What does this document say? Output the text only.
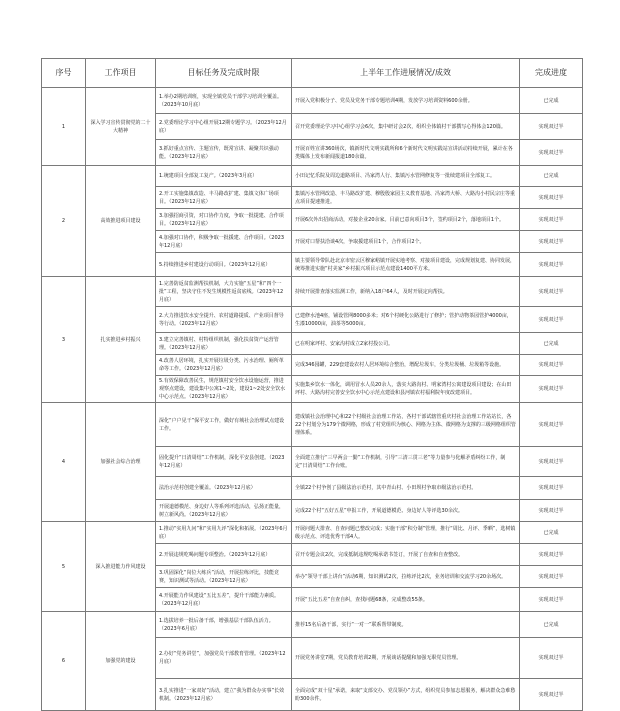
序号	工作项目	目标任务及完成时限	上半年工作进展情况/成效	完成进度
1	深入学习宣传贯彻党的二十大精神	1.举办2期培训班，实现全镇党员干部学习培训全覆盖。（2023年10月底）	开展入党积极分子、党员及党务干部专题培训4期，发放学习培训资料600余册。	已完成
		2.党委理论学习中心组开展12期专题学习。（2023年12月底）	召开党委理论学习中心组学习会6次，集中研讨会2次，组织全体镇村干部撰写心得体会120篇。	实现双过半
		3.抓好重点宣传、主题宣传，既常宣讲、凝聚共识强动能。（2023年12月底）	开展百姓宣讲360场次，镇新时代文明实践所和6个新时代文明实践站宣讲活动持续开展，累计在各类媒体上发布新闻报道180余篇。	实现双过半
2	高效推进项目建设	1.统建项目全部复工复产。（2023年3月底）	小田记忆乐院及周边道路项目、冯家湾人行、集镇污水管网修复等一批续建项目全部复工。	已完成
		2.开工实施集镇改造、丰马路改扩建、集镇文体广场项目。（2023年12月底）	集镇污水管网改造、丰马路改扩建、穆殷殷家园主义教育基地、冯家湾大桥、大路沟小村民宗庄等重点项目提速推进。	实现双过半
		3.加强招商引资，对口协作力度，争取一批提建、合作项目。（2023年12月底）	开展6次外出招商活动，对接企业20余家。目前已意向项目3个，签约项目2个，落地项目1个。	实现双过半
		4.加强对口协作，积极争取一批援建、合作项目。（2023年12月底）	开展对口帮扶洽谈4次，争取援建项目1个，合作项目2个。	实现双过半
		5.持续推进乡村建设行动项目。（2023年12月底）	镇主要领导带队赴北京市密云区穆家峪镇开展实地考察、对接项目建设，完成规划复建、协同发展，统筹推进实施“村美家”乡村振兴项目示范点建设1400平方米。	实现双过半
3	扎实推进乡村振兴	1.完善防返贫监测帮扶机制，大力实施“五星”和“四个一批”工程，坚决守住不发生规模性返贫底线。（2023年12月底）	持续开展排查落实监测工作，新纳入18户64人，及时开展定向帮扶。	实现双过半
		2.大力推进饮水安全提升、农村道路提质、产业项目督导等行动。（2023年12月底）	已建修水池4座，铺设管网8000多米；对6个村硬化公路进行了修护；管护动物茶园管护4000亩，生漆10000亩，油茶等5000亩。	实现双过半
		3.建立完善镇村、村特组织机制，强化扶贫资产运营管理。（2023年12月底）	已在明家坪村、安家沟村成立2家村投公司。	已完成
		4.改善人居环境，扎实开展垃圾分类、污水治理、厕所革命等工作。（2023年12月底）	完成346园罐，229套建设农村人居环境综合整治，增配垃圾车，分类垃圾桶、垃圾箱等设施。	实现双过半
		5.有效保障改善民生，规范镇村安全饮水设施运营，推进观察点建设，建设集中公寓1~2处，建设1~2处安全饮水中心示范点。（2023年12月底）	实施集乡饮水一体化，调用冒水人员20余人，落实大路沟村、明家湾村公寓建设项目建设；在山田坪村、大路沟村完善安全饮水中心示范点建设和县河镇农村福利院年度改建项目。	实现双过半
4	加强社会综合治理	深化“户户见干”保平安工作，做好有城社会治理试点建设工作。	建成镇社会治理中心和22个村级社会治理工作站，各村干部试辖管重庆村社会治理工作站站长，各22个村划分为179个微网格，形成了村党组织为核心、网格为主体、微网格为支撑的三级网格组织管理体系。	实现双过半
		固化提升“日清周结”工作机制，深化平安县创建。（2023年12月底）	全面建立推行“三早两会一勤”工作机制，引导“三清三贯三老”等力量参与化解矛盾纠纷工作，制定“日清周结”工作台账。	实现双过半
		法治示范村创建全覆盖。（2023年12月底）	全镇22个村争创了县级法治示范村，其中青山村、小田坝村争取市级法治示范村。	实现双过半
		开展道德模范、身边好人等系列评选活动，弘扬正能量，树立新风尚。（2023年12月底）	完成22个村“五好五星”申报工作，开展道德模范、身边好人等评选30余次。	实现双过半
5	深入推进能力作风建设	1.推动“实用九问”和“实用九评”深化和拓展。（2023年6月底）	开展问题大排查、自查问题已整改完成；实施干部“积分制”管理，推行“周比、月评、季晒”，选树镇级示范点、评选优秀干部4人。	已完成
		2.开展违规吃喝问题专项整治。（2023年12月底）	召开专题会议2次，完成抵制违规吃喝承诺书签订，开展了自查和自查整改。	实现双过半
		3.巩固深化“岗位大练兵”活动，开展拉练评比，技能竞赛，知识测试等活动。（2023年12月底）	举办“领导干部上讲台”活动6期，知识测试2次，拉练评比2次，业务培训和交流学习20余场次。	实现双过半
		4.开展能力作风建设“五比五差”，提升干部能力素质。（2023年12月底）	开展“五比五差”自查自纠，查找问题68条，完成整改55条。	实现双过半
6	加强党的建设	1.选拔培养一批后备干部，增强基层干部队伍活力。（2023年6月底）	推荐15名后备干部，实行“一对一”联系帮带制度。	已完成
		2.办好“党务讲堂”，加强党员干部教育管理。（2023年12月底）	开展党务讲堂7期，党员教育培训2期，开展谈话提醒和加强无职党员管理。	实现双过半
		3.扎实推进“一家双好”活动，建立“我为群众办实事”长效机制。（2023年12月底）	全面完成“双十星”承诺，来取“支部交办、党员领办”方式，组织党员参加志愿服务，解决群众急难愁盼300余件。	实现双过半
